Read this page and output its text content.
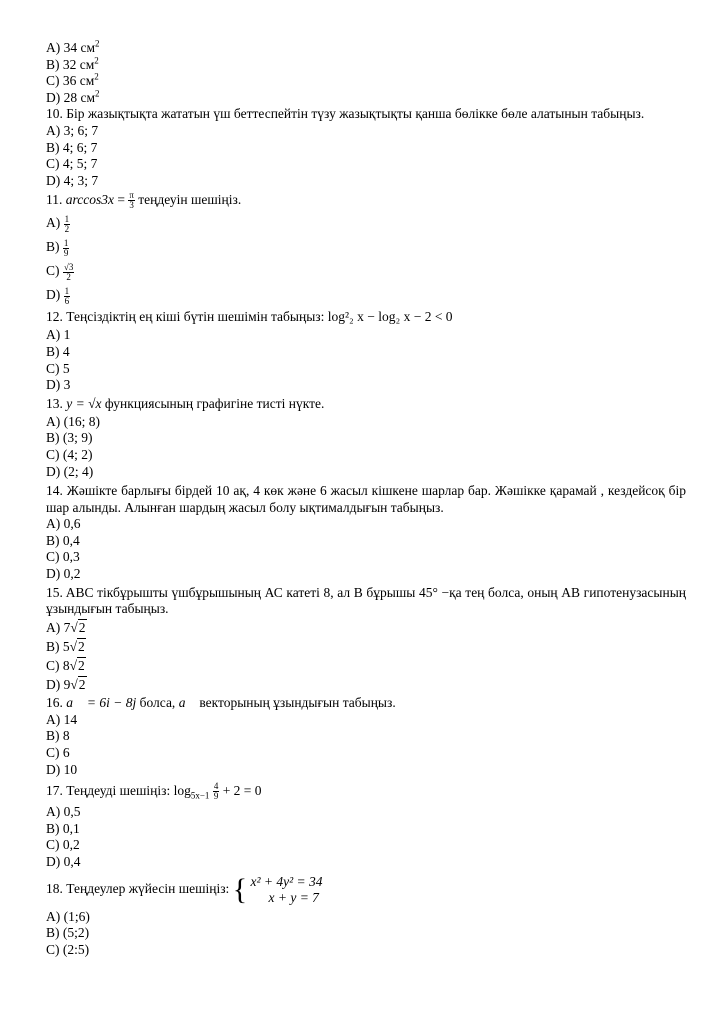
A) 34 $см^2$
B) 32 $см^2$
C) 36 $см^2$
D) 28 $см^2$
10. Бір жазықтықта жататын үш беттеспейтін түзу жазықтықты қанша бөлікке бөле алатынын табыңыз.
A) 3; 6; 7
B) 4; 6; 7
C) 4; 5; 7
D) 4; 3; 7
11. $\arccos 3x = \frac{\pi}{3}$ теңдеуін шешіңіз.
$A) \frac{1}{2}$
$B) \frac{1}{9}$
$C) \frac{√3}{2}$
$D) \frac{1}{6}$
12. Теңсіздіктің ең кіші бүтін шешімін табыңыз: log²₂ x − log₂ x − 2 < 0
A) 1
B) 4
C) 5
D) 3
13. y = √x функциясының графигіне тисті нүкте.
A) (16; 8)
B) (3; 9)
C) (4; 2)
D) (2; 4)
14. Жәшікте барлығы бірдей 10 ақ, 4 көк және 6 жасыл кішкене шарлар бар. Жәшікке қарамай , кездейсоқ бір шар алынды. Алынған шардың жасыл болу ықтималдығын табыңыз.
A) 0,6
B) 0,4
C) 0,3
D) 0,2
15. ABC тікбұрышты үшбұрышының АС катеті 8, ал В бұрышы 45° −қа тең болса, оның АВ гипотенузасының ұзындығын табыңыз.
A) 7√2
B) 5√2
C) 8√2
D) 9√2
16. a⃗ = 6i − 8j болса, a⃗ векторының ұзындығын табыңыз.
A) 14
B) 8
C) 6
D) 10
17. Теңдеуді шешіңіз: $\log_{5x-1} \frac{4}{9} + 2 = 0$
A) 0,5
B) 0,1
C) 0,2
D) 0,4
18. Теңдеулер жүйесін шешіңіз:
{ x² + 4y² = 34
x + y = 7
A) (1;6)
B) (5;2)
C) (2:5)
